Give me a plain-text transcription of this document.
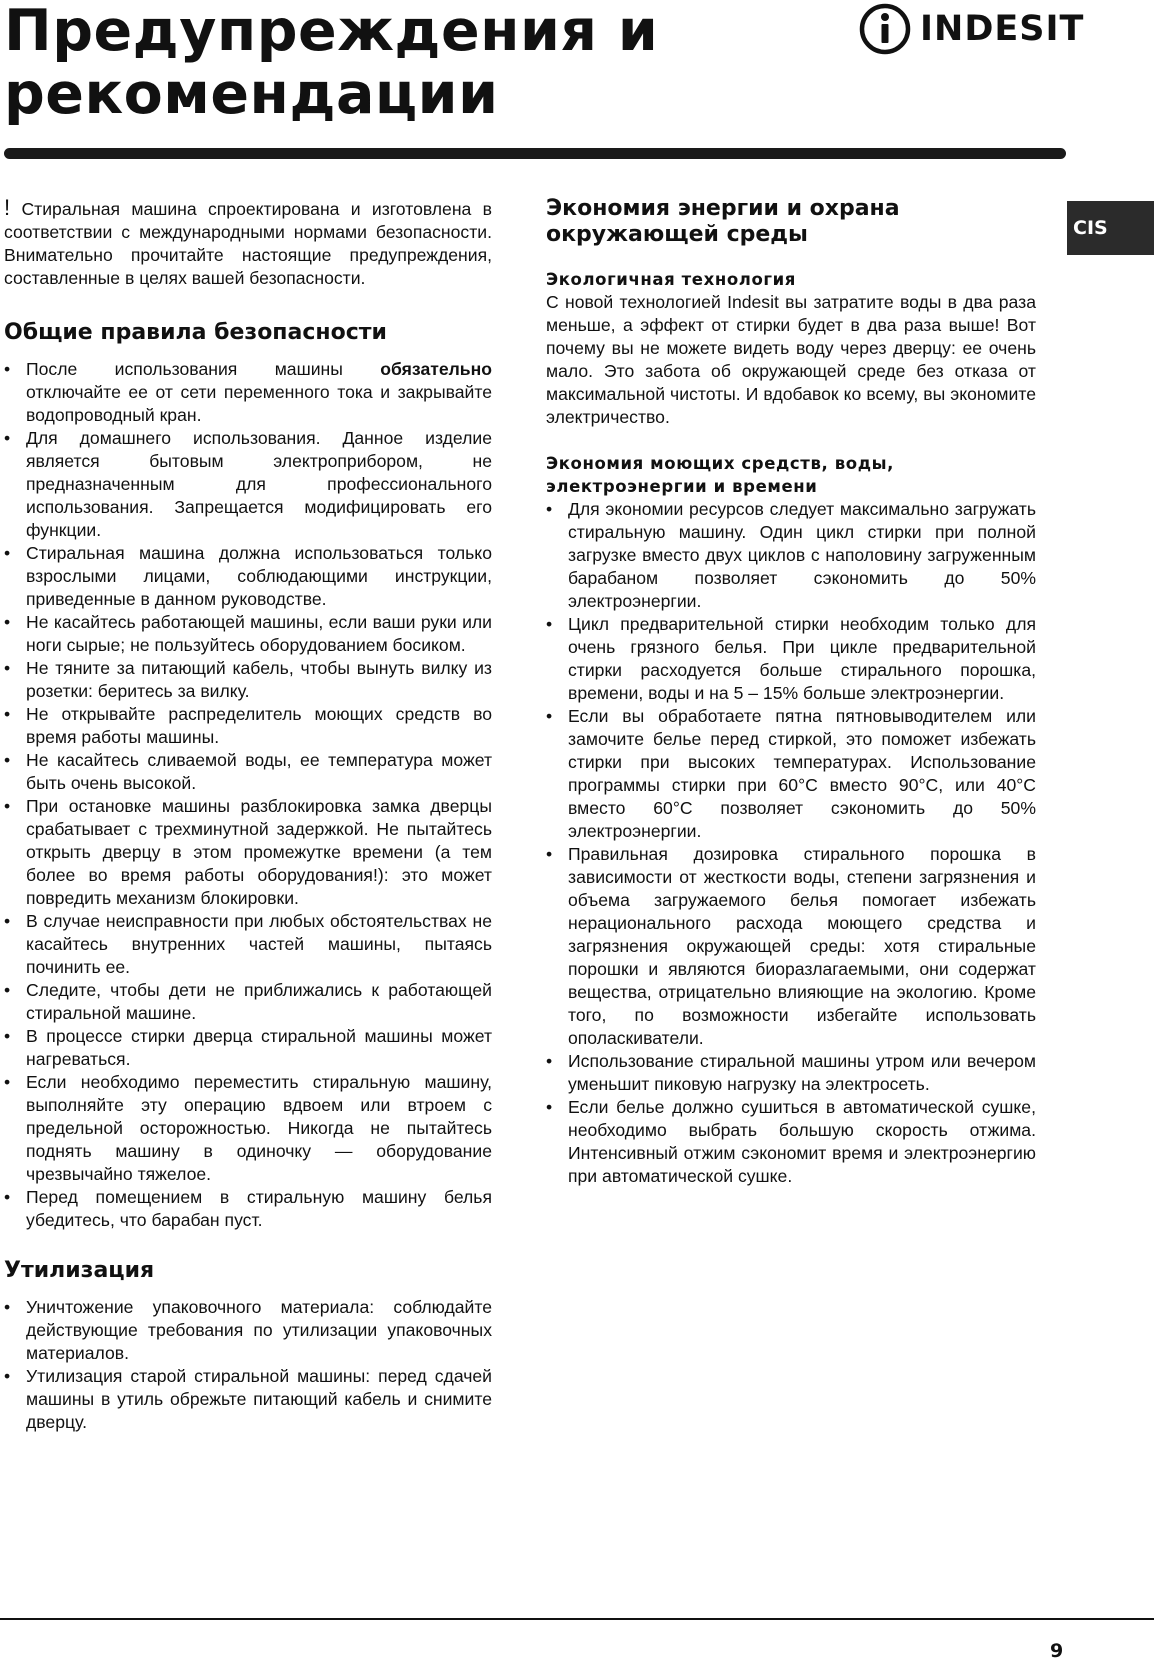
Предупреждения и
рекомендации
INDESIT
CIS

! Стиральная машина спроектирована и изготовлена в соответствии с международными нормами безопасности. Внимательно прочитайте настоящие предупреждения, составленные в целях вашей безопасности.

Общие правила безопасности
• После использования машины обязательно отключайте ее от сети переменного тока и закрывайте водопроводный кран.
• Для домашнего использования. Данное изделие является бытовым электроприбором, не предназначенным для профессионального использования. Запрещается модифицировать его функции.
• Стиральная машина должна использоваться только взрослыми лицами, соблюдающими инструкции, приведенные в данном руководстве.
• Не касайтесь работающей машины, если ваши руки или ноги сырые; не пользуйтесь оборудованием босиком.
• Не тяните за питающий кабель, чтобы вынуть вилку из розетки: беритесь за вилку.
• Не открывайте распределитель моющих средств во время работы машины.
• Не касайтесь сливаемой воды, ее температура может быть очень высокой.
• При остановке машины разблокировка замка дверцы срабатывает с трехминутной задержкой. Не пытайтесь открыть дверцу в этом промежутке времени (а тем более во время работы оборудования!): это может повредить механизм блокировки.
• В случае неисправности при любых обстоятельствах не касайтесь внутренних частей машины, пытаясь починить ее.
• Следите, чтобы дети не приближались к работающей стиральной машине.
• В процессе стирки дверца стиральной машины может нагреваться.
• Если необходимо переместить стиральную машину, выполняйте эту операцию вдвоем или втроем с предельной осторожностью. Никогда не пытайтесь поднять машину в одиночку — оборудование чрезвычайно тяжелое.
• Перед помещением в стиральную машину белья убедитесь, что барабан пуст.
Утилизация
• Уничтожение упаковочного материала: соблюдайте действующие требования по утилизации упаковочных материалов.
• Утилизация старой стиральной машины: перед сдачей машины в утиль обрежьте питающий кабель и снимите дверцу.
Экономия энергии и охрана окружающей среды
Экологичная технология

С новой технологией Indesit вы затратите воды в два раза меньше, а эффект от стирки будет в два раза выше! Вот почему вы не можете видеть воду через дверцу: ее очень мало. Это забота об окружающей среде без отказа от максимальной чистоты. И вдобавок ко всему, вы экономите электричество.

Экономия моющих средств, воды, электроэнергии и времени
• Для экономии ресурсов следует максимально загружать стиральную машину. Один цикл стирки при полной загрузке вместо двух циклов с наполовину загруженным барабаном позволяет сэкономить до 50% электроэнергии.
• Цикл предварительной стирки необходим только для очень грязного белья. При цикле предварительной стирки расходуется больше стирального порошка, времени, воды и на 5 – 15% больше электроэнергии.
• Если вы обработаете пятна пятновыводителем или замочите белье перед стиркой, это поможет избежать стирки при высоких температурах. Использование программы стирки при 60°С вместо 90°С, или 40°С вместо 60°С позволяет сэкономить до 50% электроэнергии.
• Правильная дозировка стирального порошка в зависимости от жесткости воды, степени загрязнения и объема загружаемого белья помогает избежать нерационального расхода моющего средства и загрязнения окружающей среды: хотя стиральные порошки и являются биоразлагаемыми, они содержат вещества, отрицательно влияющие на экологию. Кроме того, по возможности избегайте использовать ополаскиватели.
• Использование стиральной машины утром или вечером уменьшит пиковую нагрузку на электросеть.
• Если белье должно сушиться в автоматической сушке, необходимо выбрать большую скорость отжима. Интенсивный отжим сэкономит время и электроэнергию при автоматической сушке.
9
